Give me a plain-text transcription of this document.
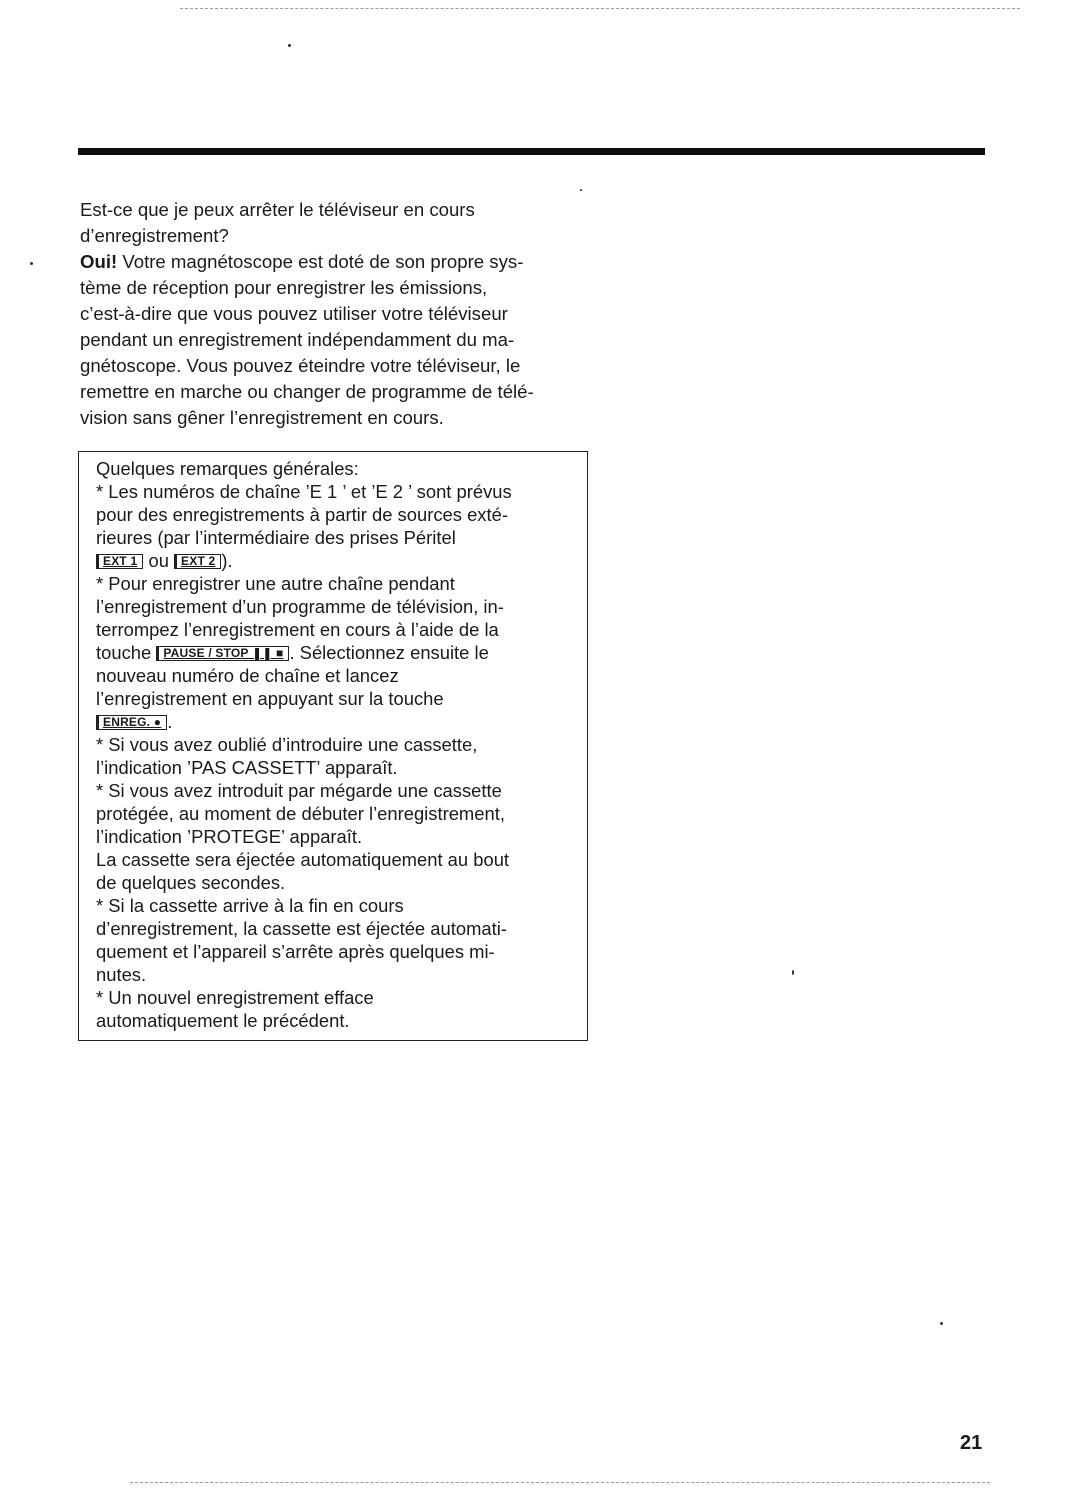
Est-ce que je peux arrêter le téléviseur en cours

d’enregistrement?

Oui! Votre magnétoscope est doté de son propre sys-

tème de réception pour enregistrer les émissions,

c’est-à-dire que vous pouvez utiliser votre téléviseur

pendant un enregistrement indépendamment du ma-

gnétoscope. Vous pouvez éteindre votre téléviseur, le

remettre en marche ou changer de programme de télé-

vision sans gêner l’enregistrement en cours.

Quelques remarques générales:

* Les numéros de chaîne ’E 1 ’ et ’E 2 ’ sont prévus

pour des enregistrements à partir de sources exté-

rieures (par l’intermédiaire des prises Péritel

EXT 1 ou EXT 2 ).

* Pour enregistrer une autre chaîne pendant

l’enregistrement d’un programme de télévision, in-

terrompez l’enregistrement en cours à l’aide de la

touche PAUSE / STOP ❚❚ ■ . Sélectionnez ensuite le

nouveau numéro de chaîne et lancez

l’enregistrement en appuyant sur la touche

ENREG. ● .

* Si vous avez oublié d’introduire une cassette,

l’indication ’PAS CASSETT’ apparaît.

* Si vous avez introduit par mégarde une cassette

protégée, au moment de débuter l’enregistrement,

l’indication ’PROTEGE’ apparaît.

La cassette sera éjectée automatiquement au bout

de quelques secondes.

* Si la cassette arrive à la fin en cours

d’enregistrement, la cassette est éjectée automati-

quement et l’appareil s’arrête après quelques mi-

nutes.

* Un nouvel enregistrement efface

automatiquement le précédent.

21
